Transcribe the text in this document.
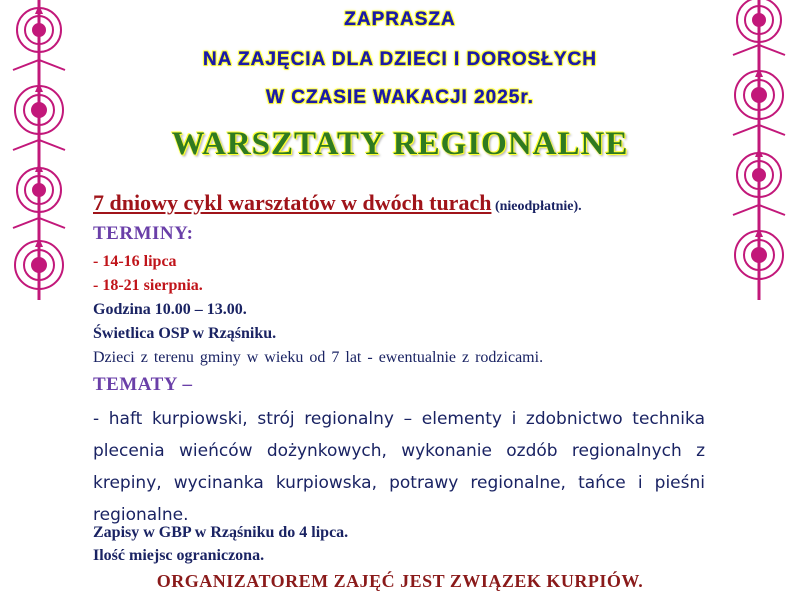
ZAPRASZA
NA ZAJĘCIA DLA DZIECI I DOROSŁYCH
W CZASIE WAKACJI 2025r.
WARSZTATY REGIONALNE
7 dniowy cykl warsztatów w dwóch turach (nieodpłatnie).
TERMINY:
- 14-16 lipca
- 18-21 sierpnia.
Godzina 10.00 – 13.00.
Świetlica OSP w Rząśniku.
Dzieci z terenu gminy w wieku od 7 lat - ewentualnie z rodzicami.
TEMATY –
- haft kurpiowski, strój regionalny – elementy i zdobnictwo technika plecenia wieńców dożynkowych, wykonanie ozdób regionalnych z krepiny, wycinanka kurpiowska, potrawy regionalne, tańce i pieśni regionalne.
Zapisy w GBP w Rząśniku do 4 lipca.
Ilość miejsc ograniczona.
ORGANIZATOREM ZAJĘĆ JEST ZWIĄZEK KURPIÓW.
